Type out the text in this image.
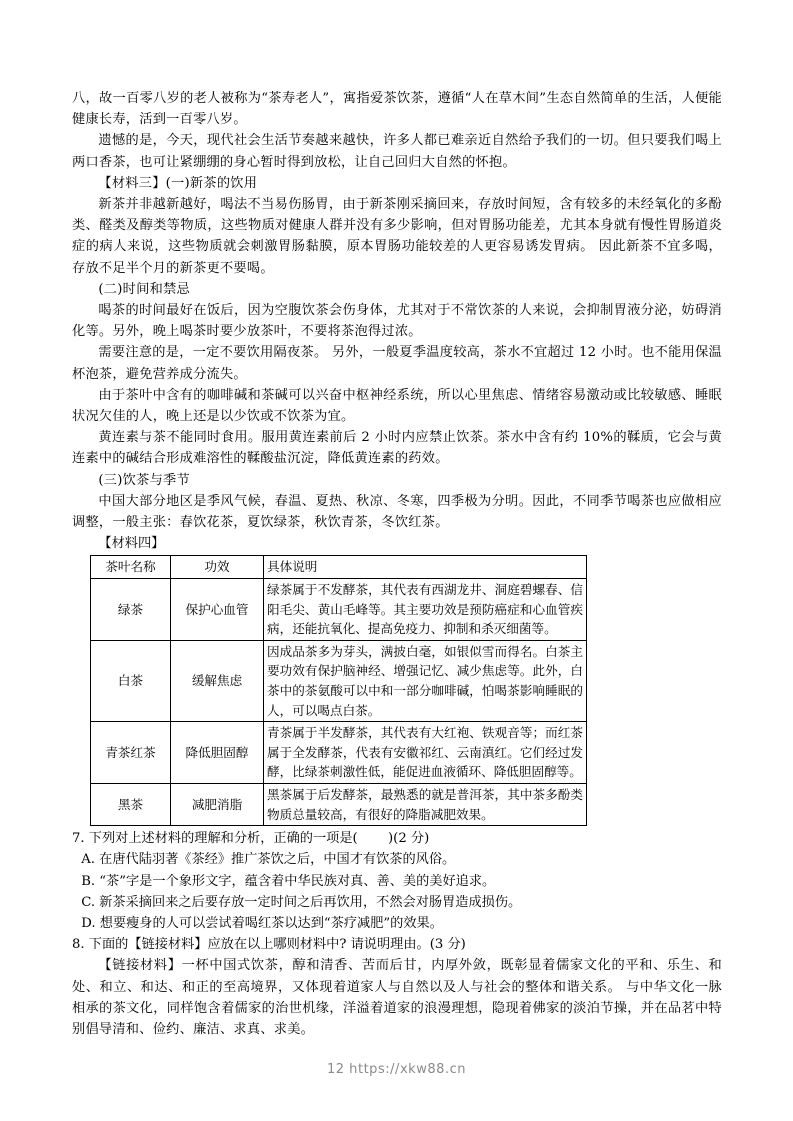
八，故一百零八岁的老人被称为“茶寿老人”，寓指爱茶饮茶，遵循“人在草木间”生态自然简单的生活，人便能健康长寿，活到一百零八岁。

遗憾的是，今天，现代社会生活节奏越来越快，许多人都已难亲近自然给予我们的一切。但只要我们喝上两口香茶，也可让紧绷绷的身心暂时得到放松，让自己回归大自然的怀抱。

【材料三】(一)新茶的饮用

新茶并非越新越好，喝法不当易伤肠胃，由于新茶刚采摘回来，存放时间短，含有较多的未经氧化的多酚类、醛类及醇类等物质，这些物质对健康人群并没有多少影响，但对胃肠功能差，尤其本身就有慢性胃肠道炎症的病人来说，这些物质就会刺激胃肠黏膜，原本胃肠功能较差的人更容易诱发胃病。 因此新茶不宜多喝，存放不足半个月的新茶更不要喝。

(二)时间和禁忌

喝茶的时间最好在饭后，因为空腹饮茶会伤身体，尤其对于不常饮茶的人来说，会抑制胃液分泌，妨碍消化等。另外，晚上喝茶时要少放茶叶，不要将茶泡得过浓。

需要注意的是，一定不要饮用隔夜茶。 另外，一般夏季温度较高，茶水不宜超过 12 小时。也不能用保温杯泡茶，避免营养成分流失。

由于茶叶中含有的咖啡碱和茶碱可以兴奋中枢神经系统，所以心里焦虑、情绪容易激动或比较敏感、睡眠状况欠佳的人，晚上还是以少饮或不饮茶为宜。

黄连素与茶不能同时食用。服用黄连素前后 2 小时内应禁止饮茶。茶水中含有约 10%的鞣质，它会与黄连素中的碱结合形成难溶性的鞣酸盐沉淀，降低黄连素的药效。

(三)饮茶与季节

中国大部分地区是季风气候，春温、夏热、秋凉、冬寒，四季极为分明。因此，不同季节喝茶也应做相应调整，一般主张：春饮花茶，夏饮绿茶，秋饮青茶，冬饮红茶。

【材料四】

茶叶名称	功效	具体说明
绿茶	保护心血管	绿茶属于不发酵茶，其代表有西湖龙井、洞庭碧螺春、信阳毛尖、黄山毛峰等。其主要功效是预防癌症和心血管疾病，还能抗氧化、提高免疫力、抑制和杀灭细菌等。
白茶	缓解焦虑	因成品茶多为芽头，满披白毫，如银似雪而得名。白茶主要功效有保护脑神经、增强记忆、减少焦虑等。此外，白茶中的茶氨酸可以中和一部分咖啡碱，怕喝茶影响睡眠的人，可以喝点白茶。
青茶红茶	降低胆固醇	青茶属于半发酵茶，其代表有大红袍、铁观音等；而红茶属于全发酵茶，代表有安徽祁红、云南滇红。它们经过发酵，比绿茶刺激性低，能促进血液循环、降低胆固醇等。
黑茶	减肥消脂	黑茶属于后发酵茶，最熟悉的就是普洱茶，其中茶多酚类物质总量较高，有很好的降脂减肥效果。

7. 下列对上述材料的理解和分析，正确的一项是( )(2 分)

A. 在唐代陆羽著《茶经》推广茶饮之后，中国才有饮茶的风俗。

B. “茶”字是一个象形文字，蕴含着中华民族对真、善、美的美好追求。

C. 新茶采摘回来之后要存放一定时间之后再饮用，不然会对肠胃造成损伤。

D. 想要瘦身的人可以尝试着喝红茶以达到“茶疗减肥”的效果。

8. 下面的【链接材料】应放在以上哪则材料中? 请说明理由。(3 分)

【链接材料】一杯中国式饮茶，醇和清香、苦而后甘，内厚外敛，既彰显着儒家文化的平和、乐生、和处、和立、和达、和正的至高境界，又体现着道家人与自然以及人与社会的整体和谐关系。 与中华文化一脉相承的茶文化，同样饱含着儒家的治世机缘，洋溢着道家的浪漫理想，隐现着佛家的淡泊节操，并在品茗中特别倡导清和、俭约、廉洁、求真、求美。

12 https://xkw88.cn
